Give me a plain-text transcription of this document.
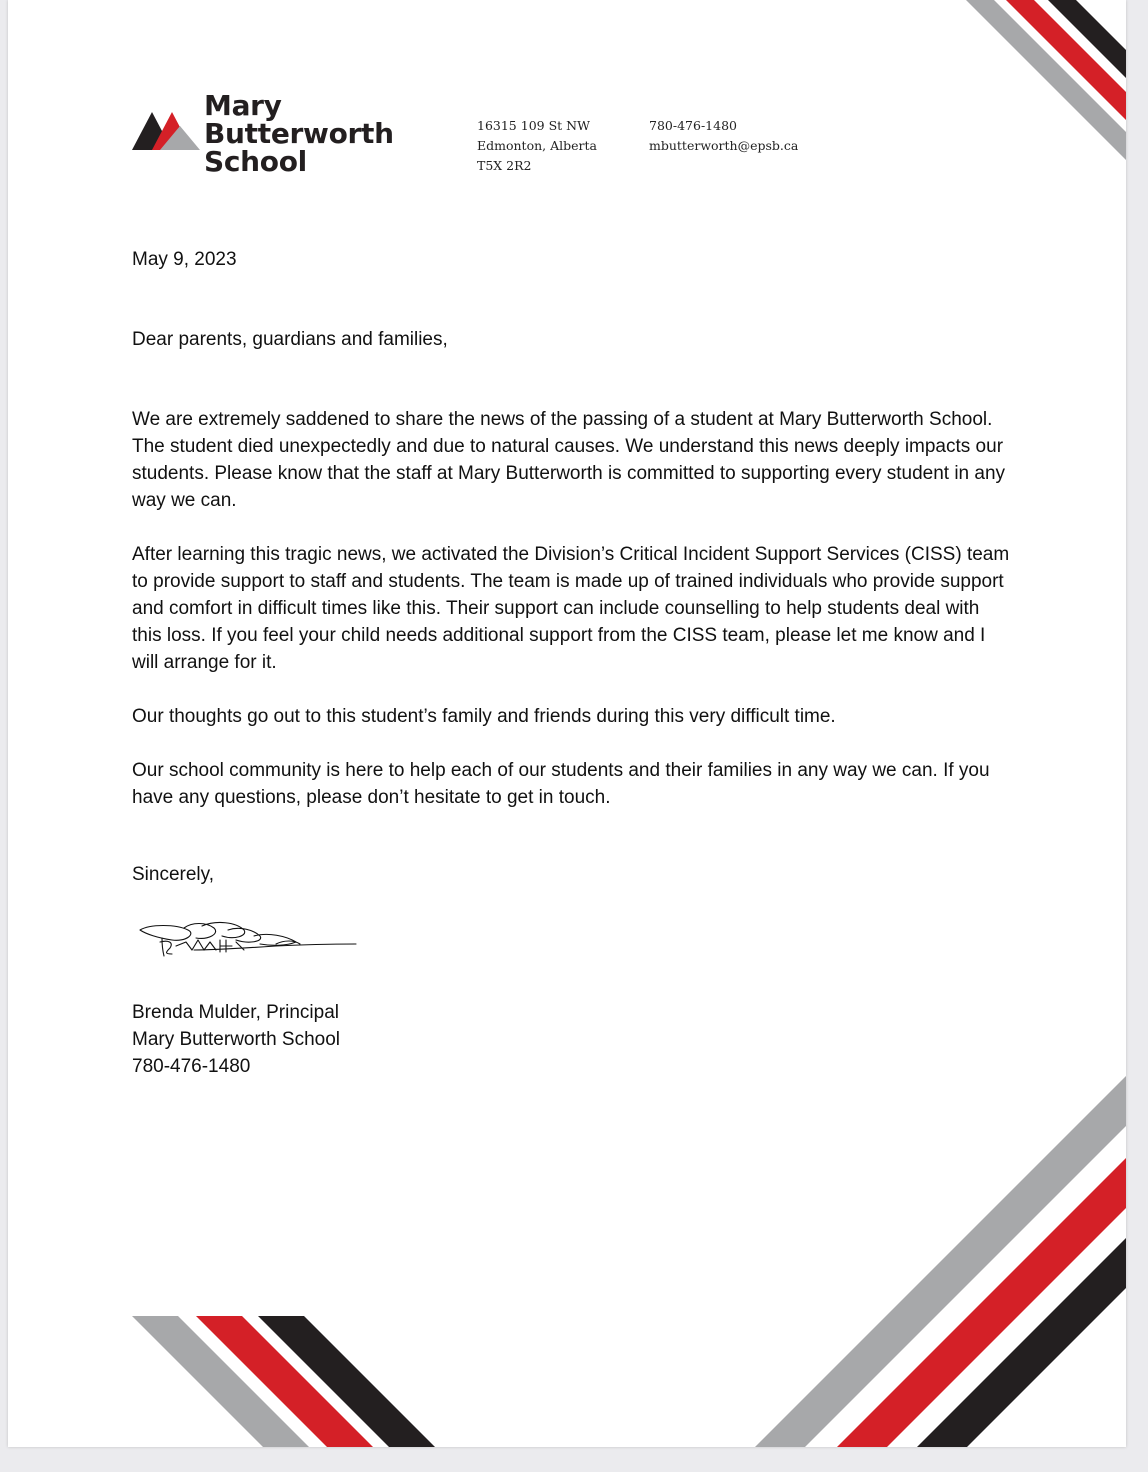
Mary
Butterworth
School
16315 109 St NW
Edmonton, Alberta
T5X 2R2
780-476-1480
mbutterworth@epsb.ca
May 9, 2023
Dear parents, guardians and families,

We are extremely saddened to share the news of the passing of a student at Mary Butterworth School. The student died unexpectedly and due to natural causes. We understand this news deeply impacts our students. Please know that the staff at Mary Butterworth is committed to supporting every student in any way we can.

After learning this tragic news, we activated the Division’s Critical Incident Support Services (CISS) team to provide support to staff and students. The team is made up of trained individuals who provide support and comfort in difficult times like this. Their support can include counselling to help students deal with this loss. If you feel your child needs additional support from the CISS team, please let me know and I will arrange for it.

Our thoughts go out to this student’s family and friends during this very difficult time.

Our school community is here to help each of our students and their families in any way we can. If you have any questions, please don’t hesitate to get in touch.

Sincerely,
Brenda Mulder, Principal
Mary Butterworth School
780-476-1480
